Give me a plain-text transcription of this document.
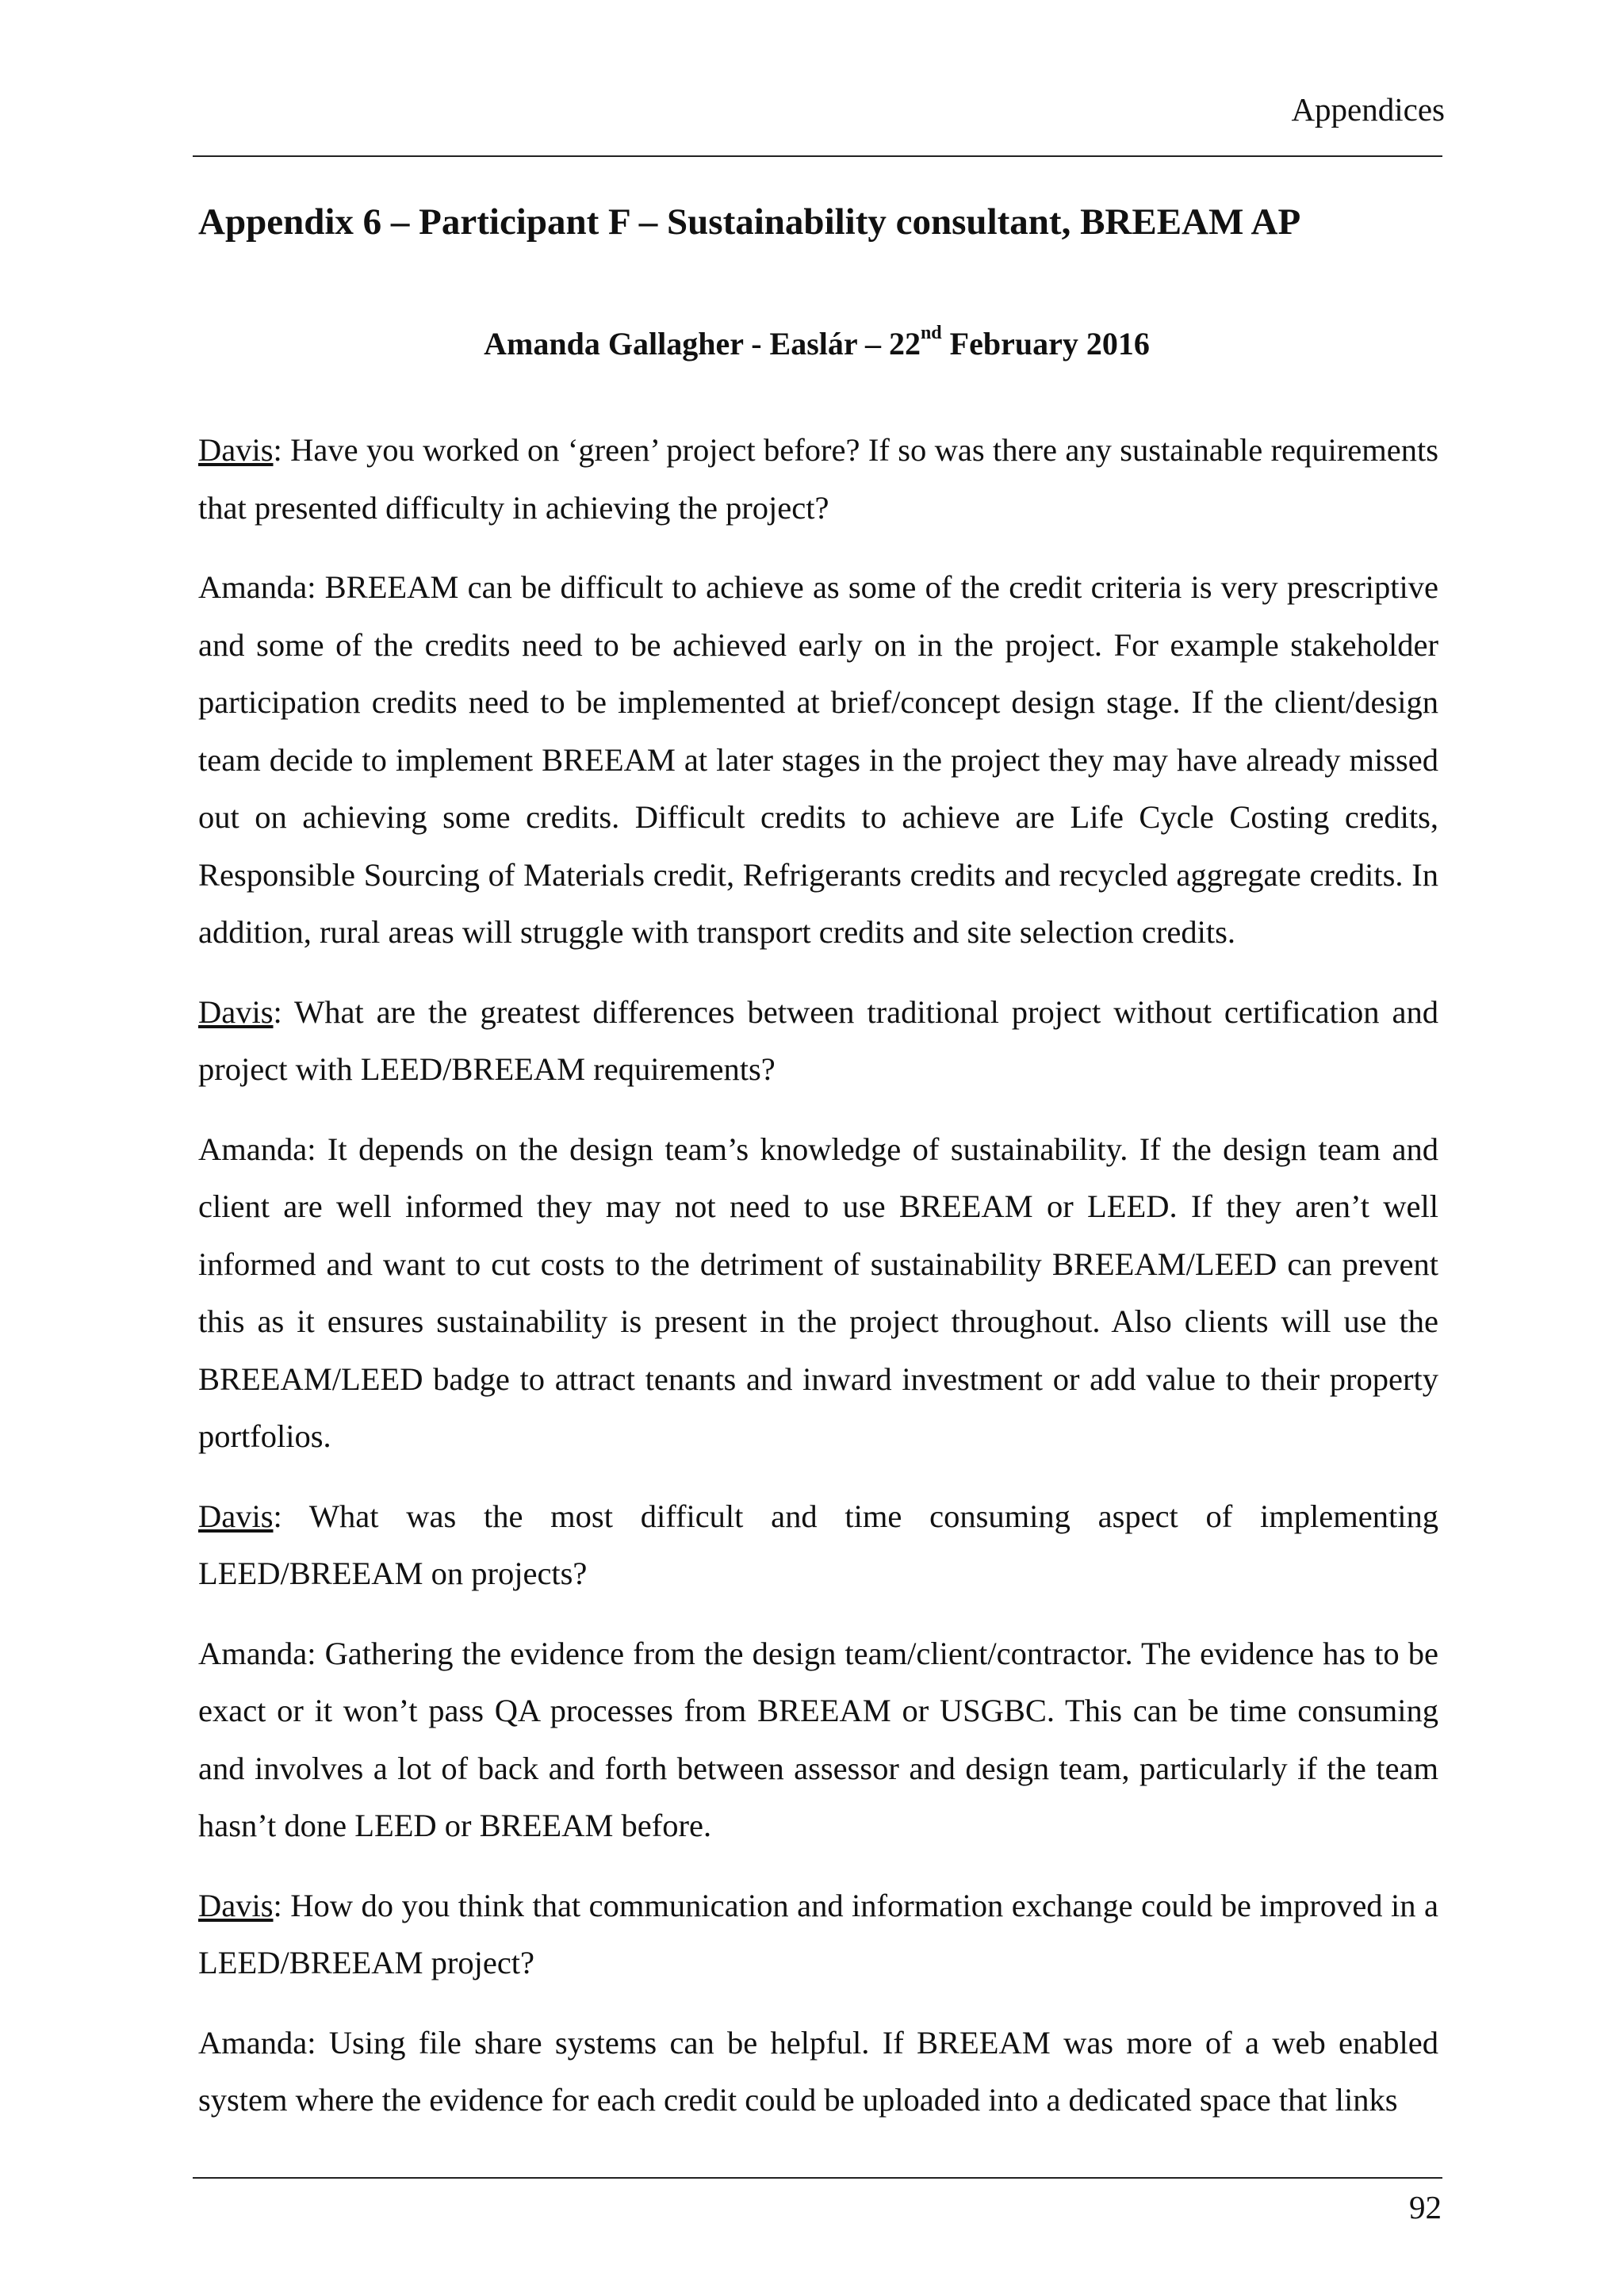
Appendices
Appendix 6 – Participant F – Sustainability consultant, BREEAM AP

Amanda Gallagher - Easlár – 22nd February 2016

Davis: Have you worked on ‘green’ project before? If so was there any sustainable requirements that presented difficulty in achieving the project?

Amanda: BREEAM can be difficult to achieve as some of the credit criteria is very prescriptive and some of the credits need to be achieved early on in the project. For example stakeholder participation credits need to be implemented at brief/concept design stage. If the client/design team decide to implement BREEAM at later stages in the project they may have already missed out on achieving some credits. Difficult credits to achieve are Life Cycle Costing credits, Responsible Sourcing of Materials credit, Refrigerants credits and recycled aggregate credits. In addition, rural areas will struggle with transport credits and site selection credits.

Davis: What are the greatest differences between traditional project without certification and project with LEED/BREEAM requirements?

Amanda: It depends on the design team’s knowledge of sustainability. If the design team and client are well informed they may not need to use BREEAM or LEED. If they aren’t well informed and want to cut costs to the detriment of sustainability BREEAM/LEED can prevent this as it ensures sustainability is present in the project throughout. Also clients will use the BREEAM/LEED badge to attract tenants and inward investment or add value to their property portfolios.

Davis: What was the most difficult and time consuming aspect of implementing LEED/BREEAM on projects?

Amanda: Gathering the evidence from the design team/client/contractor. The evidence has to be exact or it won’t pass QA processes from BREEAM or USGBC. This can be time consuming and involves a lot of back and forth between assessor and design team, particularly if the team hasn’t done LEED or BREEAM before.

Davis: How do you think that communication and information exchange could be improved in a LEED/BREEAM project?

Amanda: Using file share systems can be helpful. If BREEAM was more of a web enabled system where the evidence for each credit could be uploaded into a dedicated space that links

92
